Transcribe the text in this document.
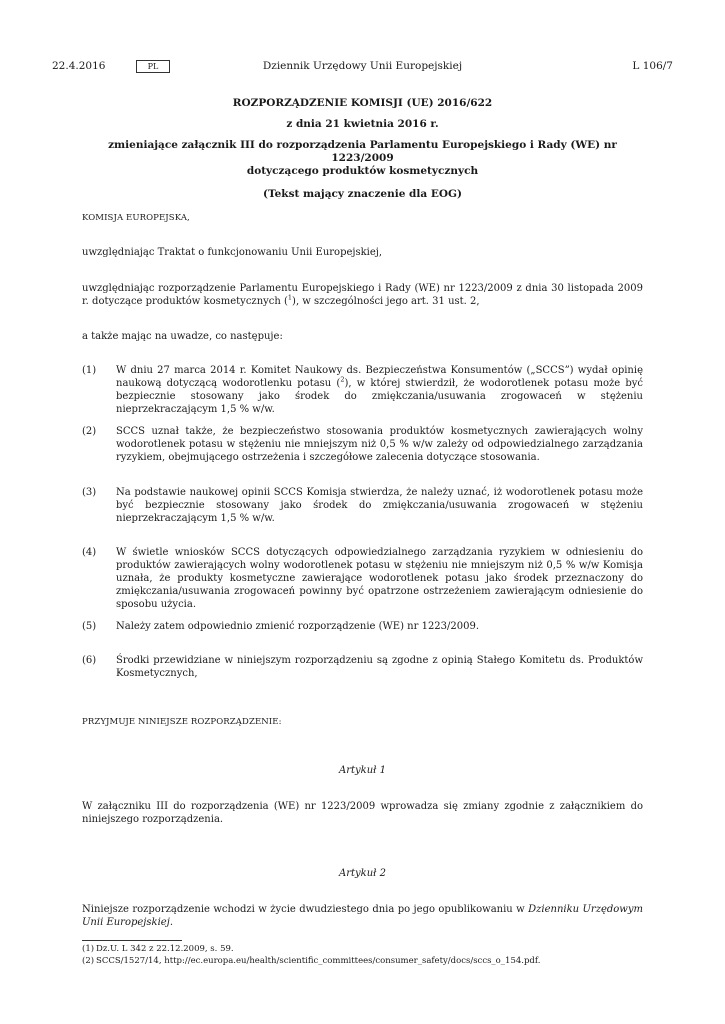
22.4.2016	PL	Dziennik Urzędowy Unii Europejskiej	L 106/7
ROZPORZĄDZENIE KOMISJI (UE) 2016/622
z dnia 21 kwietnia 2016 r.
zmieniające załącznik III do rozporządzenia Parlamentu Europejskiego i Rady (WE) nr 1223/2009
dotyczącego produktów kosmetycznych
(Tekst mający znaczenie dla EOG)
KOMISJA EUROPEJSKA,
uwzględniając Traktat o funkcjonowaniu Unii Europejskiej,
uwzględniając rozporządzenie Parlamentu Europejskiego i Rady (WE) nr 1223/2009 z dnia 30 listopada 2009 r. dotyczące produktów kosmetycznych ($^1$), w szczególności jego art. 31 ust. 2,
a także mając na uwadze, co następuje:
(1)	W dniu 27 marca 2014 r. Komitet Naukowy ds. Bezpieczeństwa Konsumentów („SCCS”) wydał opinię naukową dotyczącą wodorotlenku potasu ($^2$), w której stwierdził, że wodorotlenek potasu może być bezpiecznie stosowany jako środek do zmiękczania/usuwania zrogowaceń w stężeniu nieprzekraczającym 1,5 % w/w.
(2)	SCCS uznał także, że bezpieczeństwo stosowania produktów kosmetycznych zawierających wolny wodorotlenek potasu w stężeniu nie mniejszym niż 0,5 % w/w zależy od odpowiedzialnego zarządzania ryzykiem, obejmującego ostrzeżenia i szczegółowe zalecenia dotyczące stosowania.
(3)	Na podstawie naukowej opinii SCCS Komisja stwierdza, że należy uznać, iż wodorotlenek potasu może być bezpiecznie stosowany jako środek do zmiękczania/usuwania zrogowaceń w stężeniu nieprzekraczającym 1,5 % w/w.
(4)	W świetle wniosków SCCS dotyczących odpowiedzialnego zarządzania ryzykiem w odniesieniu do produktów zawierających wolny wodorotlenek potasu w stężeniu nie mniejszym niż 0,5 % w/w Komisja uznała, że produkty kosmetyczne zawierające wodorotlenek potasu jako środek przeznaczony do zmiękczania/usuwania zrogowaceń powinny być opatrzone ostrzeżeniem zawierającym odniesienie do sposobu użycia.
(5)	Należy zatem odpowiednio zmienić rozporządzenie (WE) nr 1223/2009.
(6)	Środki przewidziane w niniejszym rozporządzeniu są zgodne z opinią Stałego Komitetu ds. Produktów Kosmetycznych,
PRZYJMUJE NINIEJSZE ROZPORZĄDZENIE:
Artykuł 1
W załączniku III do rozporządzenia (WE) nr 1223/2009 wprowadza się zmiany zgodnie z załącznikiem do niniejszego rozporządzenia.
Artykuł 2
Niniejsze rozporządzenie wchodzi w życie dwudziestego dnia po jego opublikowaniu w Dzienniku Urzędowym Unii Europejskiej.
(1) Dz.U. L 342 z 22.12.2009, s. 59.
(2) SCCS/1527/14, http://ec.europa.eu/health/scientific_committees/consumer_safety/docs/sccs_o_154.pdf.
